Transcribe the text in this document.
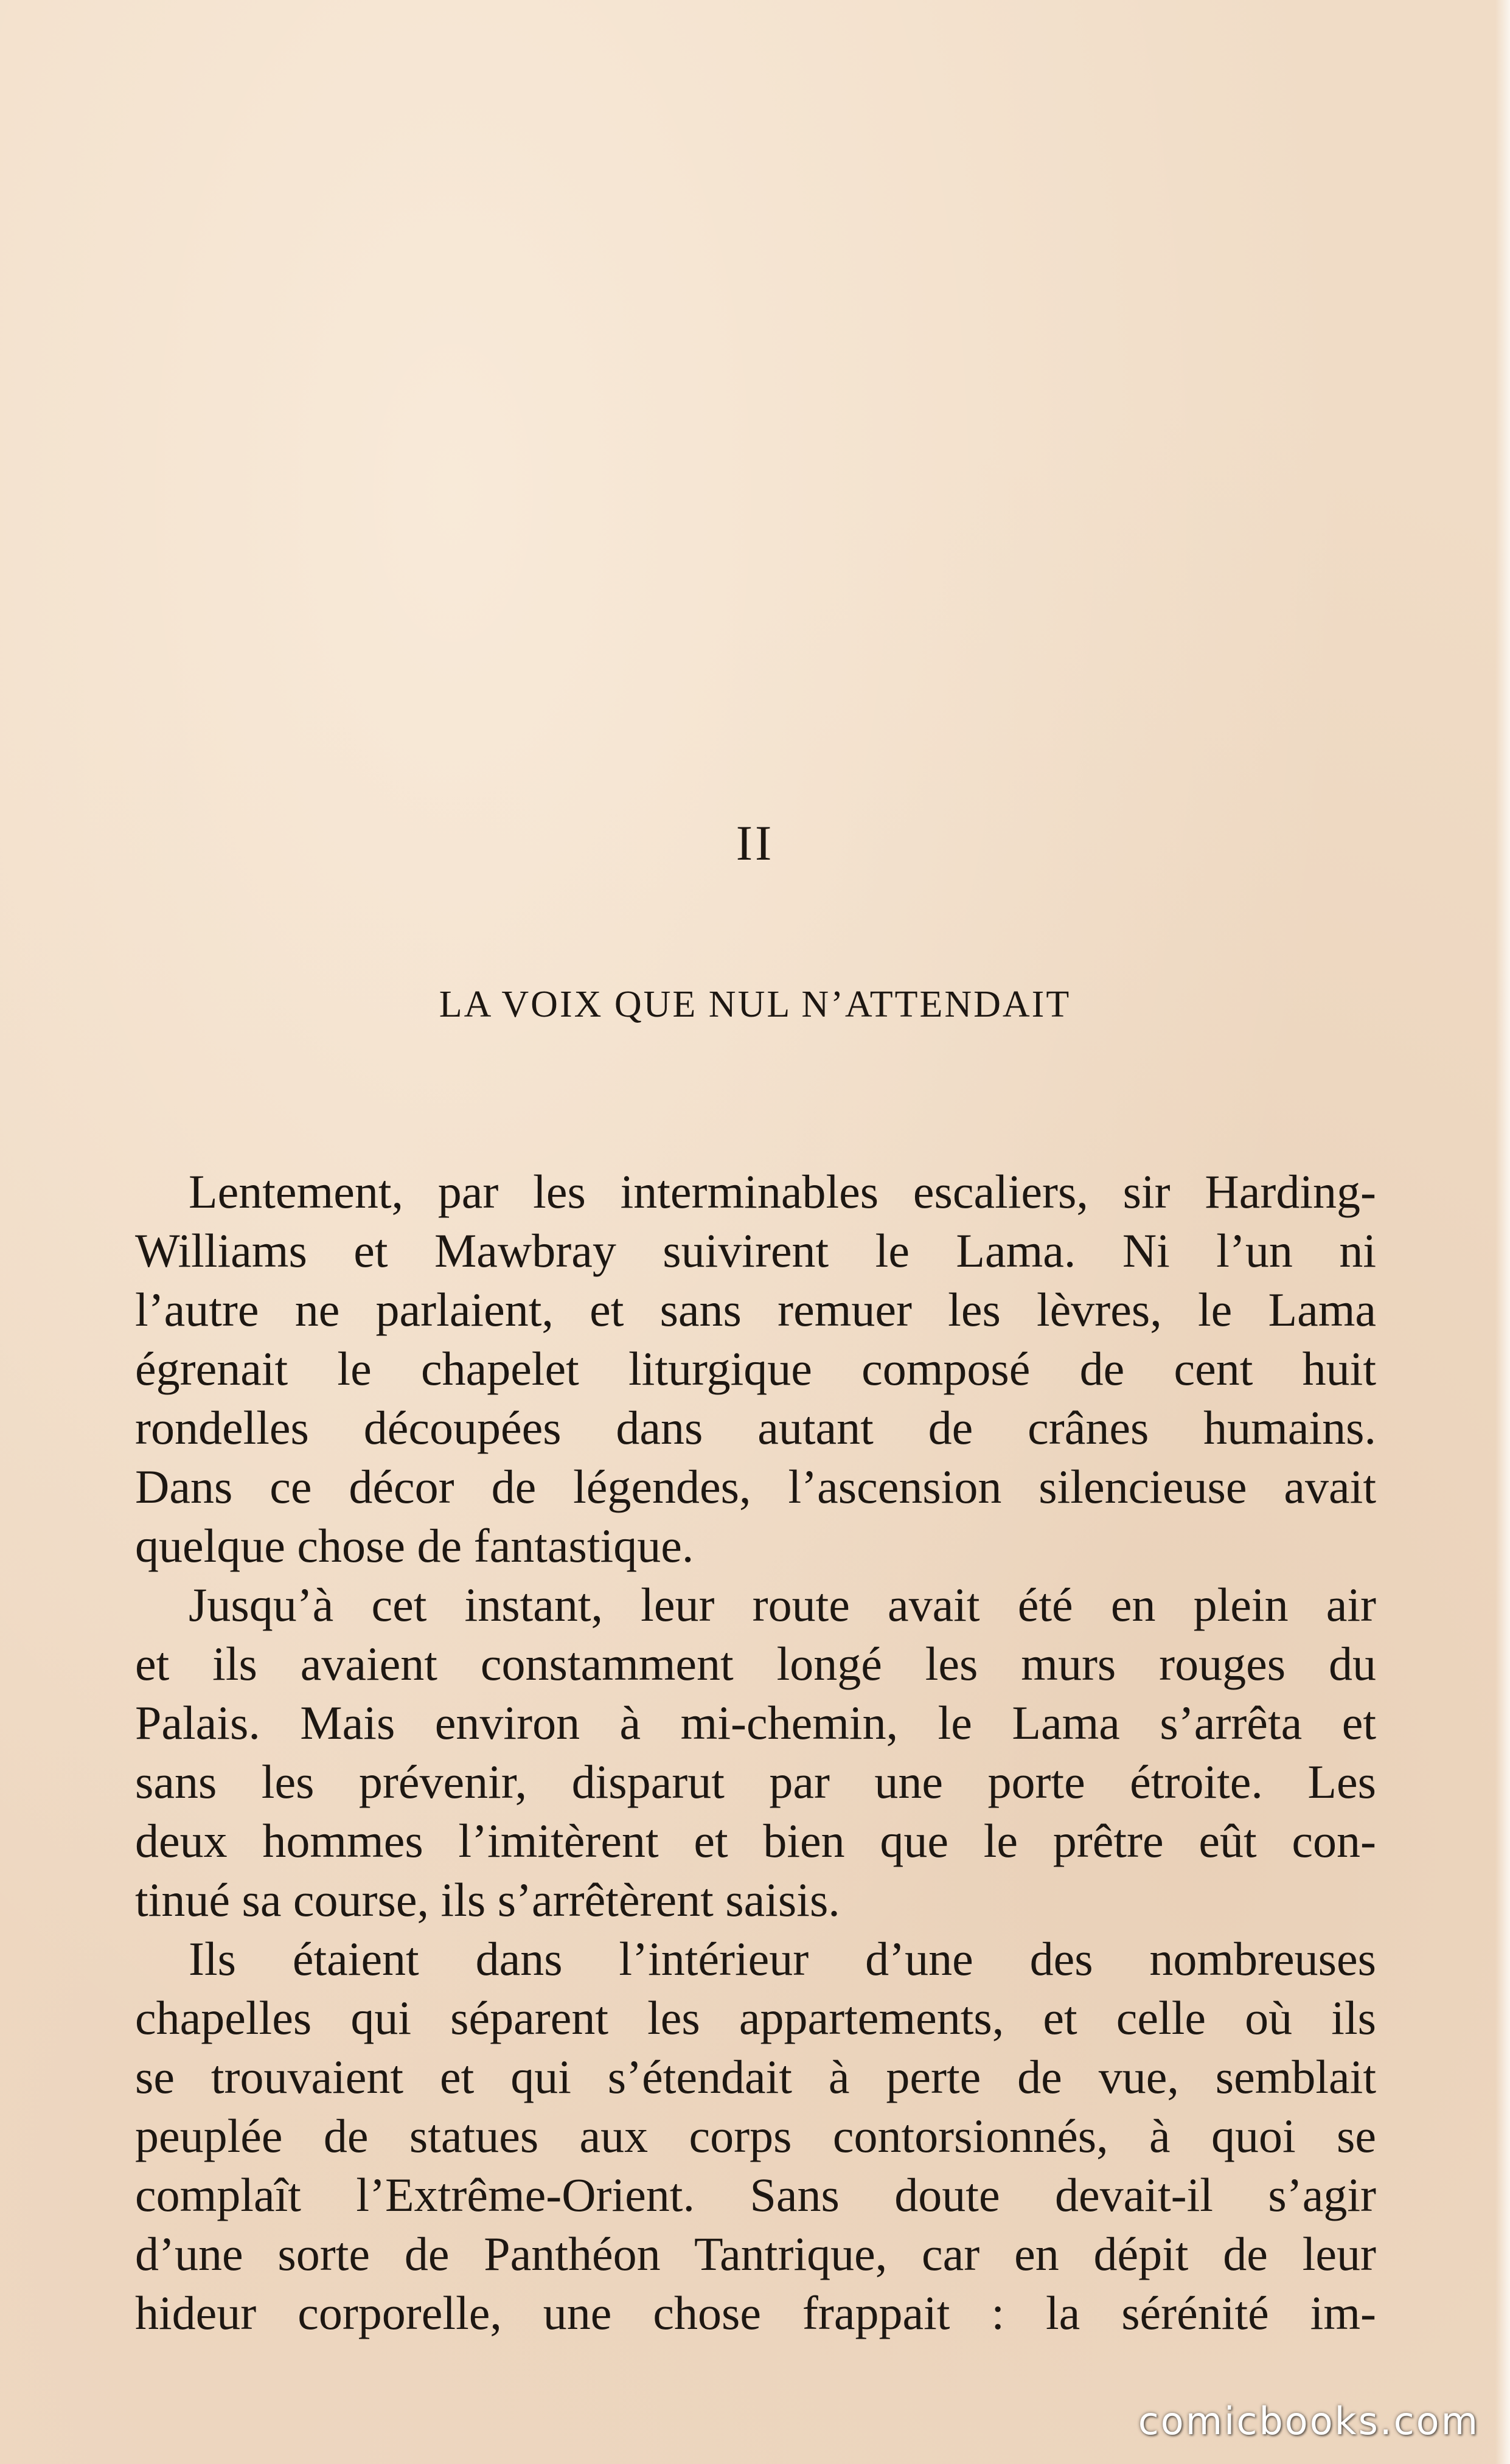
II
LA VOIX QUE NUL N’ATTENDAIT
Lentement, par les interminables escaliers, sir Harding-
Williams et Mawbray suivirent le Lama. Ni l’un ni
l’autre ne parlaient, et sans remuer les lèvres, le Lama
égrenait le chapelet liturgique composé de cent huit
rondelles découpées dans autant de crânes humains.
Dans ce décor de légendes, l’ascension silencieuse avait
quelque chose de fantastique.
Jusqu’à cet instant, leur route avait été en plein air
et ils avaient constamment longé les murs rouges du
Palais. Mais environ à mi-chemin, le Lama s’arrêta et
sans les prévenir, disparut par une porte étroite. Les
deux hommes l’imitèrent et bien que le prêtre eût con-
tinué sa course, ils s’arrêtèrent saisis.
Ils étaient dans l’intérieur d’une des nombreuses
chapelles qui séparent les appartements, et celle où ils
se trouvaient et qui s’étendait à perte de vue, semblait
peuplée de statues aux corps contorsionnés, à quoi se
complaît l’Extrême-Orient. Sans doute devait-il s’agir
d’une sorte de Panthéon Tantrique, car en dépit de leur
hideur corporelle, une chose frappait : la sérénité im-
comicbooks.com
